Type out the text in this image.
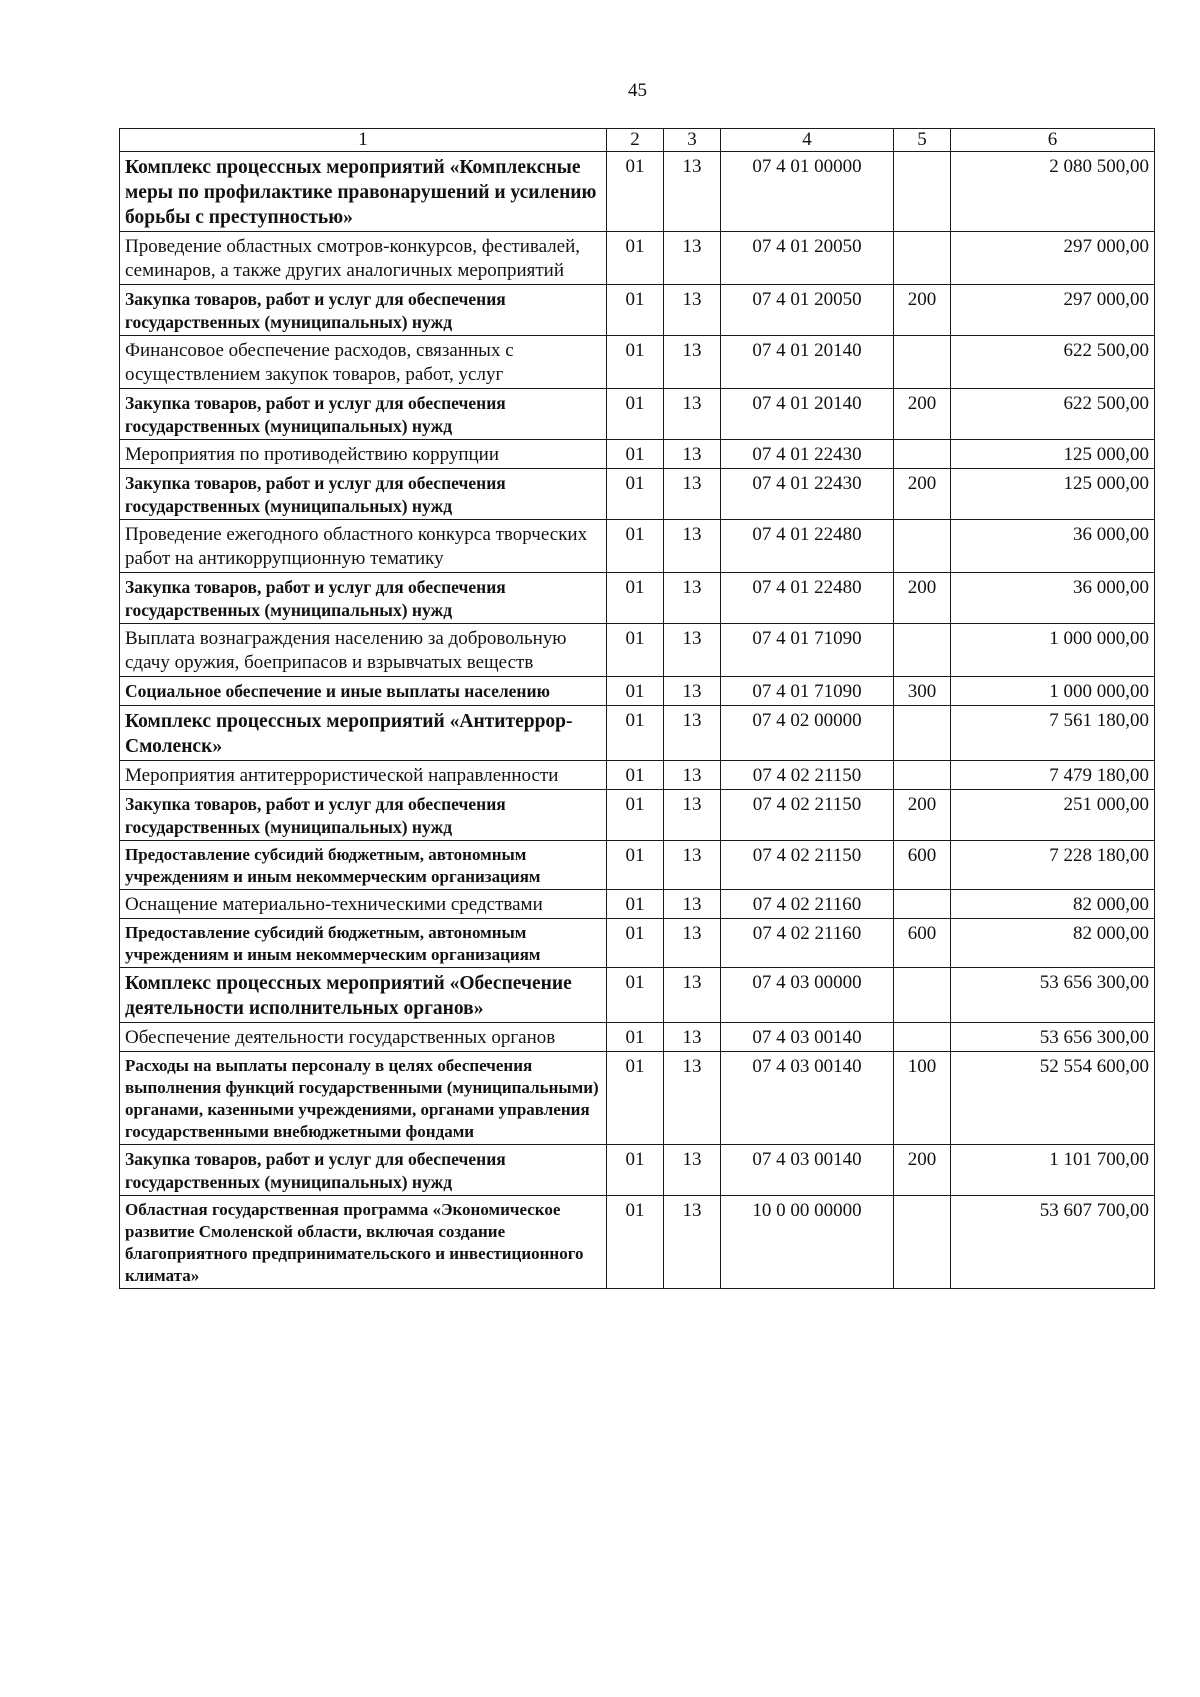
45
1	2	3	4	5	6
Комплекс процессных мероприятий «Комплексные меры по профилактике правонарушений и усилению борьбы с преступностью»	01	13	07 4 01 00000		2 080 500,00
Проведение областных смотров-конкурсов, фестивалей, семинаров, а также других аналогичных мероприятий	01	13	07 4 01 20050		297 000,00
Закупка товаров, работ и услуг для обеспечения государственных (муниципальных) нужд	01	13	07 4 01 20050	200	297 000,00
Финансовое обеспечение расходов, связанных с осуществлением закупок товаров, работ, услуг	01	13	07 4 01 20140		622 500,00
Закупка товаров, работ и услуг для обеспечения государственных (муниципальных) нужд	01	13	07 4 01 20140	200	622 500,00
Мероприятия по противодействию коррупции	01	13	07 4 01 22430		125 000,00
Закупка товаров, работ и услуг для обеспечения государственных (муниципальных) нужд	01	13	07 4 01 22430	200	125 000,00
Проведение ежегодного областного конкурса творческих работ на антикоррупционную тематику	01	13	07 4 01 22480		36 000,00
Закупка товаров, работ и услуг для обеспечения государственных (муниципальных) нужд	01	13	07 4 01 22480	200	36 000,00
Выплата вознаграждения населению за добровольную сдачу оружия, боеприпасов и взрывчатых веществ	01	13	07 4 01 71090		1 000 000,00
Социальное обеспечение и иные выплаты населению	01	13	07 4 01 71090	300	1 000 000,00
Комплекс процессных мероприятий «Антитеррор-Смоленск»	01	13	07 4 02 00000		7 561 180,00
Мероприятия антитеррористической направленности	01	13	07 4 02 21150		7 479 180,00
Закупка товаров, работ и услуг для обеспечения государственных (муниципальных) нужд	01	13	07 4 02 21150	200	251 000,00
Предоставление субсидий бюджетным, автономным учреждениям и иным некоммерческим организациям	01	13	07 4 02 21150	600	7 228 180,00
Оснащение материально-техническими средствами	01	13	07 4 02 21160		82 000,00
Предоставление субсидий бюджетным, автономным учреждениям и иным некоммерческим организациям	01	13	07 4 02 21160	600	82 000,00
Комплекс процессных мероприятий «Обеспечение деятельности исполнительных органов»	01	13	07 4 03 00000		53 656 300,00
Обеспечение деятельности государственных органов	01	13	07 4 03 00140		53 656 300,00
Расходы на выплаты персоналу в целях обеспечения выполнения функций государственными (муниципальными) органами, казенными учреждениями, органами управления государственными внебюджетными фондами	01	13	07 4 03 00140	100	52 554 600,00
Закупка товаров, работ и услуг для обеспечения государственных (муниципальных) нужд	01	13	07 4 03 00140	200	1 101 700,00
Областная государственная программа «Экономическое развитие Смоленской области, включая создание благоприятного предпринимательского и инвестиционного климата»	01	13	10 0 00 00000		53 607 700,00
